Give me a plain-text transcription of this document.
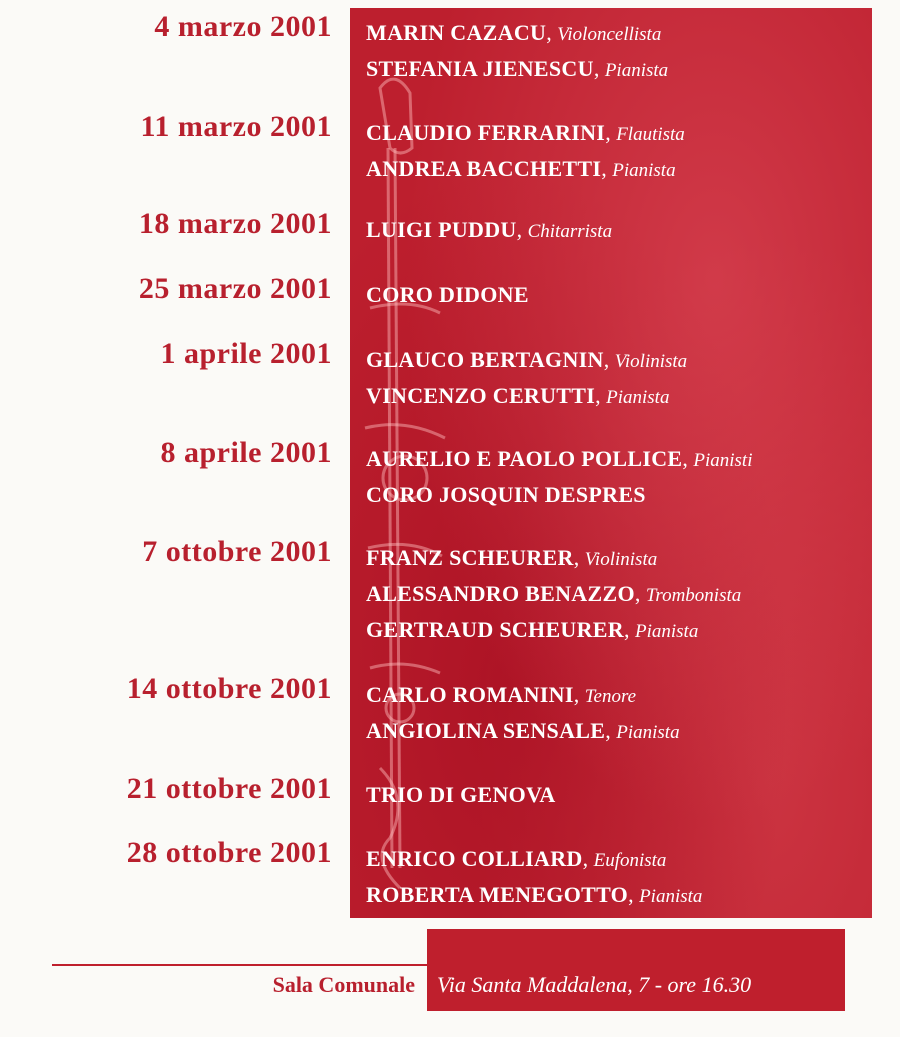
4 marzo 2001 MARIN CAZACU, Violoncellista
STEFANIA JIENESCU, Pianista
11 marzo 2001 CLAUDIO FERRARINI, Flautista
ANDREA BACCHETTI, Pianista
18 marzo 2001 LUIGI PUDDU, Chitarrista
25 marzo 2001 CORO DIDONE
1 aprile 2001 GLAUCO BERTAGNIN, Violinista
VINCENZO CERUTTI, Pianista
8 aprile 2001 AURELIO E PAOLO POLLICE, Pianisti
CORO JOSQUIN DESPRES
7 ottobre 2001 FRANZ SCHEURER, Violinista
ALESSANDRO BENAZZO, Trombonista
GERTRAUD SCHEURER, Pianista
14 ottobre 2001 CARLO ROMANINI, Tenore
ANGIOLINA SENSALE, Pianista
21 ottobre 2001 TRIO DI GENOVA
28 ottobre 2001 ENRICO COLLIARD, Eufonista
ROBERTA MENEGOTTO, Pianista
Sala Comunale Via Santa Maddalena, 7 - ore 16.30
